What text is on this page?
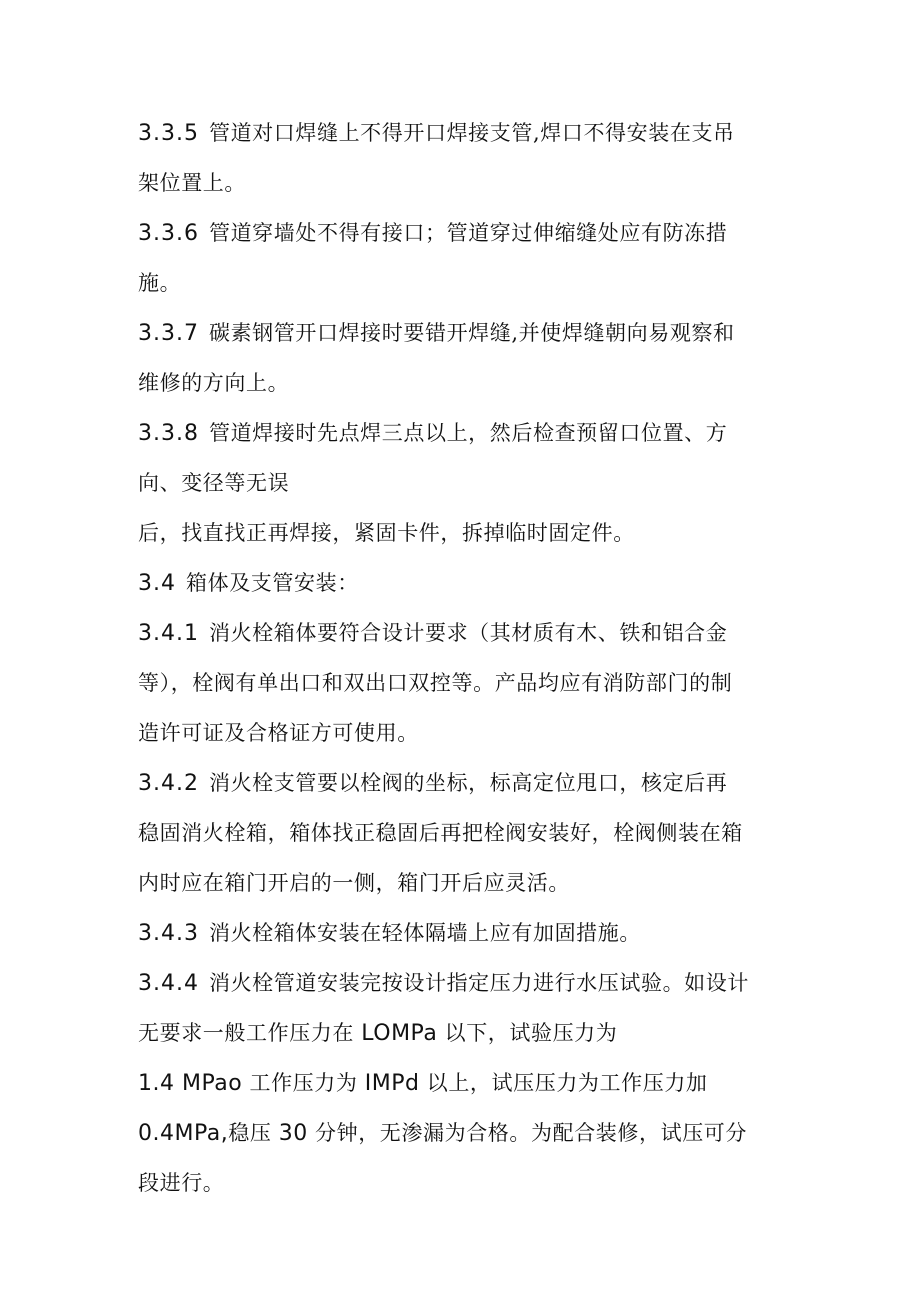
3.3.5 管道对口焊缝上不得开口焊接支管,焊口不得安装在支吊
架位置上。
3.3.6 管道穿墙处不得有接口；管道穿过伸缩缝处应有防冻措
施。
3.3.7 碳素钢管开口焊接时要错开焊缝,并使焊缝朝向易观察和
维修的方向上。
3.3.8 管道焊接时先点焊三点以上，然后检查预留口位置、方
向、变径等无误
后，找直找正再焊接，紧固卡件，拆掉临时固定件。
3.4 箱体及支管安装：
3.4.1 消火栓箱体要符合设计要求（其材质有木、铁和铝合金
等），栓阀有单出口和双出口双控等。产品均应有消防部门的制
造许可证及合格证方可使用。
3.4.2 消火栓支管要以栓阀的坐标，标高定位甩口，核定后再
稳固消火栓箱，箱体找正稳固后再把栓阀安装好，栓阀侧装在箱
内时应在箱门开启的一侧，箱门开后应灵活。
3.4.3 消火栓箱体安装在轻体隔墙上应有加固措施。
3.4.4 消火栓管道安装完按设计指定压力进行水压试验。如设计
无要求一般工作压力在 LOMPa 以下，试验压力为
1.4 MPao 工作压力为 IMPd 以上，试压压力为工作压力加
0.4MPa,稳压 30 分钟，无渗漏为合格。为配合装修，试压可分
段进行。
